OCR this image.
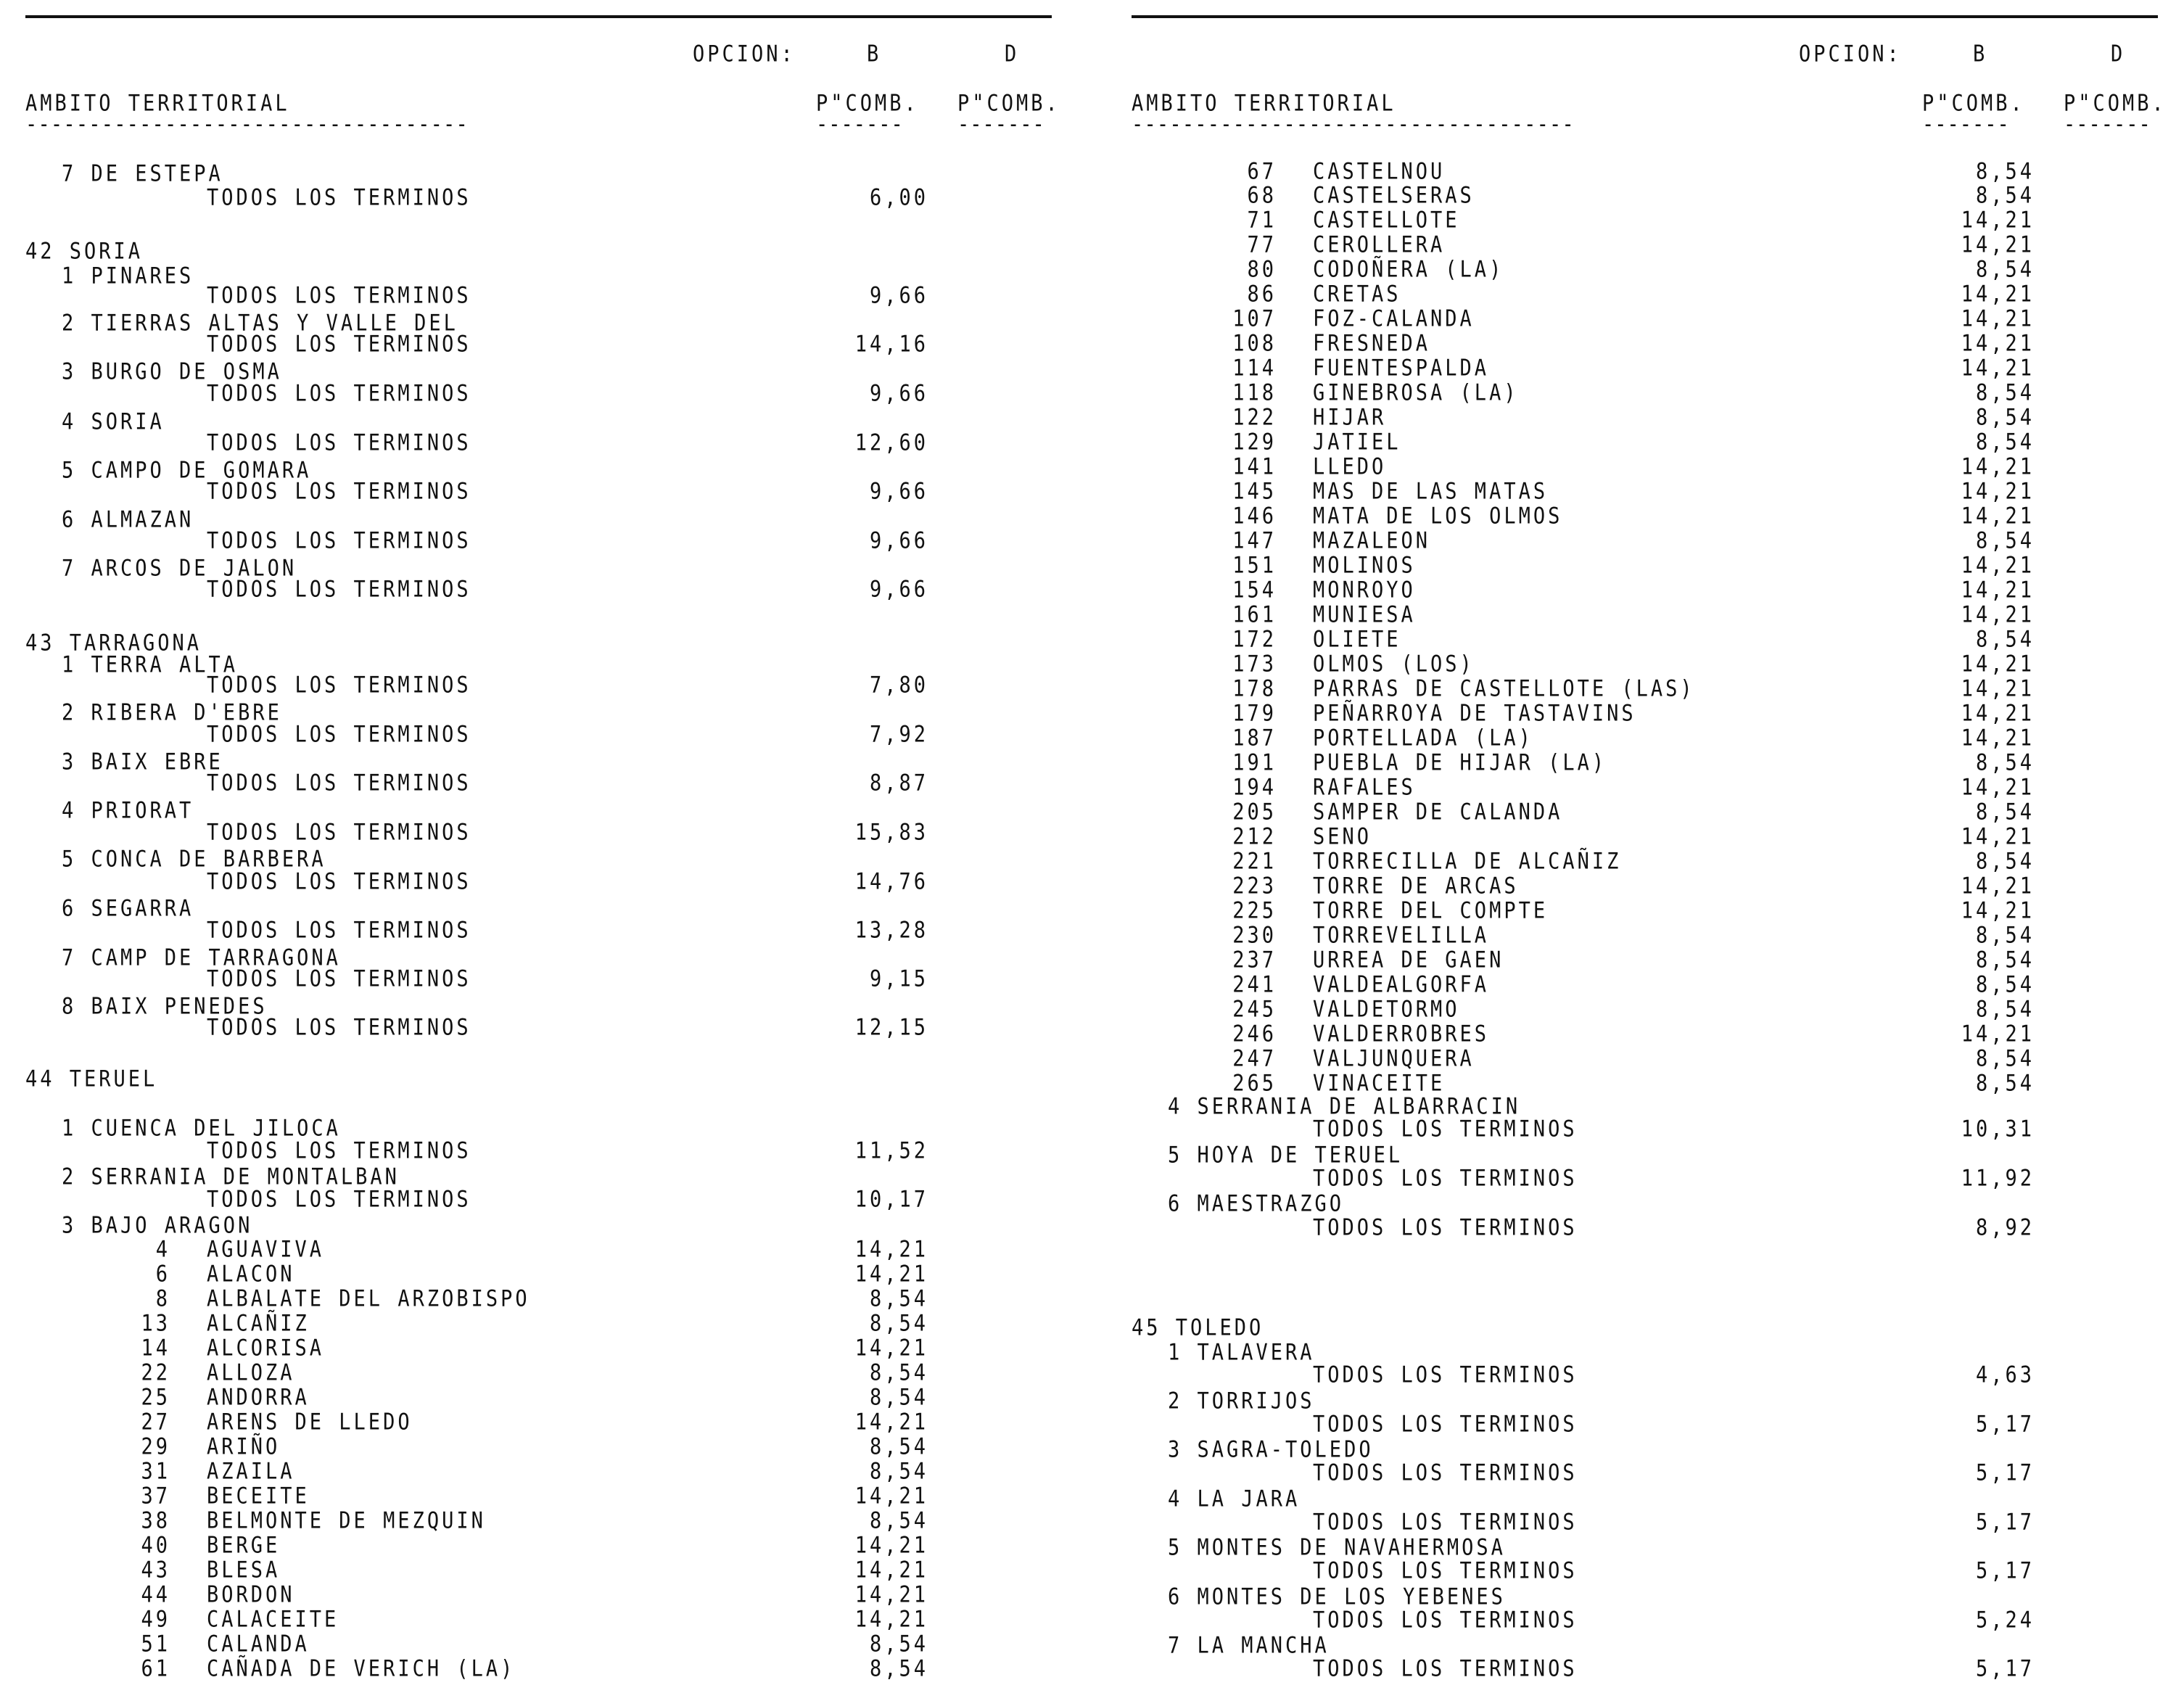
OPCION:	B	D
AMBITO TERRITORIAL	P"COMB. P"COMB.
-----------------------------------	-------	-------
7 DE ESTEPA
TODOS LOS TERMINOS	6,00
42 SORIA
1 PINARES
TODOS LOS TERMINOS	9,66
2 TIERRAS ALTAS Y VALLE DEL
TODOS LOS TERMINOS	14,16
3 BURGO DE OSMA
TODOS LOS TERMINOS	9,66
4 SORIA
TODOS LOS TERMINOS	12,60
5 CAMPO DE GOMARA
TODOS LOS TERMINOS	9,66
6 ALMAZAN
TODOS LOS TERMINOS	9,66
7 ARCOS DE JALON
TODOS LOS TERMINOS	9,66
43 TARRAGONA
1 TERRA ALTA
TODOS LOS TERMINOS	7,80
2 RIBERA D'EBRE
TODOS LOS TERMINOS	7,92
3 BAIX EBRE
TODOS LOS TERMINOS	8,87
4 PRIORAT
TODOS LOS TERMINOS	15,83
5 CONCA DE BARBERA
TODOS LOS TERMINOS	14,76
6 SEGARRA
TODOS LOS TERMINOS	13,28
7 CAMP DE TARRAGONA
TODOS LOS TERMINOS	9,15
8 BAIX PENEDES
TODOS LOS TERMINOS	12,15
44 TERUEL
1 CUENCA DEL JILOCA
TODOS LOS TERMINOS	11,52
2 SERRANIA DE MONTALBAN
TODOS LOS TERMINOS	10,17
3 BAJO ARAGON
4 AGUAVIVA	14,21
6 ALACON	14,21
8 ALBALATE DEL ARZOBISPO	8,54
13 ALCAÑIZ	8,54
14 ALCORISA	14,21
22 ALLOZA	8,54
25 ANDORRA	8,54
27 ARENS DE LLEDO	14,21
29 ARIÑO	8,54
31 AZAILA	8,54
37 BECEITE	14,21
38 BELMONTE DE MEZQUIN	8,54
40 BERGE	14,21
43 BLESA	14,21
44 BORDON	14,21
49 CALACEITE	14,21
51 CALANDA	8,54
61 CAÑADA DE VERICH (LA)	8,54
OPCION:	B	D
AMBITO TERRITORIAL	P"COMB. P"COMB.
-----------------------------------	-------	-------
67 CASTELNOU	8,54
68 CASTELSERAS	8,54
71 CASTELLOTE	14,21
77 CEROLLERA	14,21
80 CODOÑERA (LA)	8,54
86 CRETAS	14,21
107 FOZ-CALANDA	14,21
108 FRESNEDA	14,21
114 FUENTESPALDA	14,21
118 GINEBROSA (LA)	8,54
122 HIJAR	8,54
129 JATIEL	8,54
141 LLEDO	14,21
145 MAS DE LAS MATAS	14,21
146 MATA DE LOS OLMOS	14,21
147 MAZALEON	8,54
151 MOLINOS	14,21
154 MONROYO	14,21
161 MUNIESA	14,21
172 OLIETE	8,54
173 OLMOS (LOS)	14,21
178 PARRAS DE CASTELLOTE (LAS)	14,21
179 PEÑARROYA DE TASTAVINS	14,21
187 PORTELLADA (LA)	14,21
191 PUEBLA DE HIJAR (LA)	8,54
194 RAFALES	14,21
205 SAMPER DE CALANDA	8,54
212 SENO	14,21
221 TORRECILLA DE ALCAÑIZ	8,54
223 TORRE DE ARCAS	14,21
225 TORRE DEL COMPTE	14,21
230 TORREVELILLA	8,54
237 URREA DE GAEN	8,54
241 VALDEALGORFA	8,54
245 VALDETORMO	8,54
246 VALDERROBRES	14,21
247 VALJUNQUERA	8,54
265 VINACEITE	8,54
4 SERRANIA DE ALBARRACIN
TODOS LOS TERMINOS	10,31
5 HOYA DE TERUEL
TODOS LOS TERMINOS	11,92
6 MAESTRAZGO
TODOS LOS TERMINOS	8,92
45 TOLEDO
1 TALAVERA
TODOS LOS TERMINOS	4,63
2 TORRIJOS
TODOS LOS TERMINOS	5,17
3 SAGRA-TOLEDO
TODOS LOS TERMINOS	5,17
4 LA JARA
TODOS LOS TERMINOS	5,17
5 MONTES DE NAVAHERMOSA
TODOS LOS TERMINOS	5,17
6 MONTES DE LOS YEBENES
TODOS LOS TERMINOS	5,24
7 LA MANCHA
TODOS LOS TERMINOS	5,17
